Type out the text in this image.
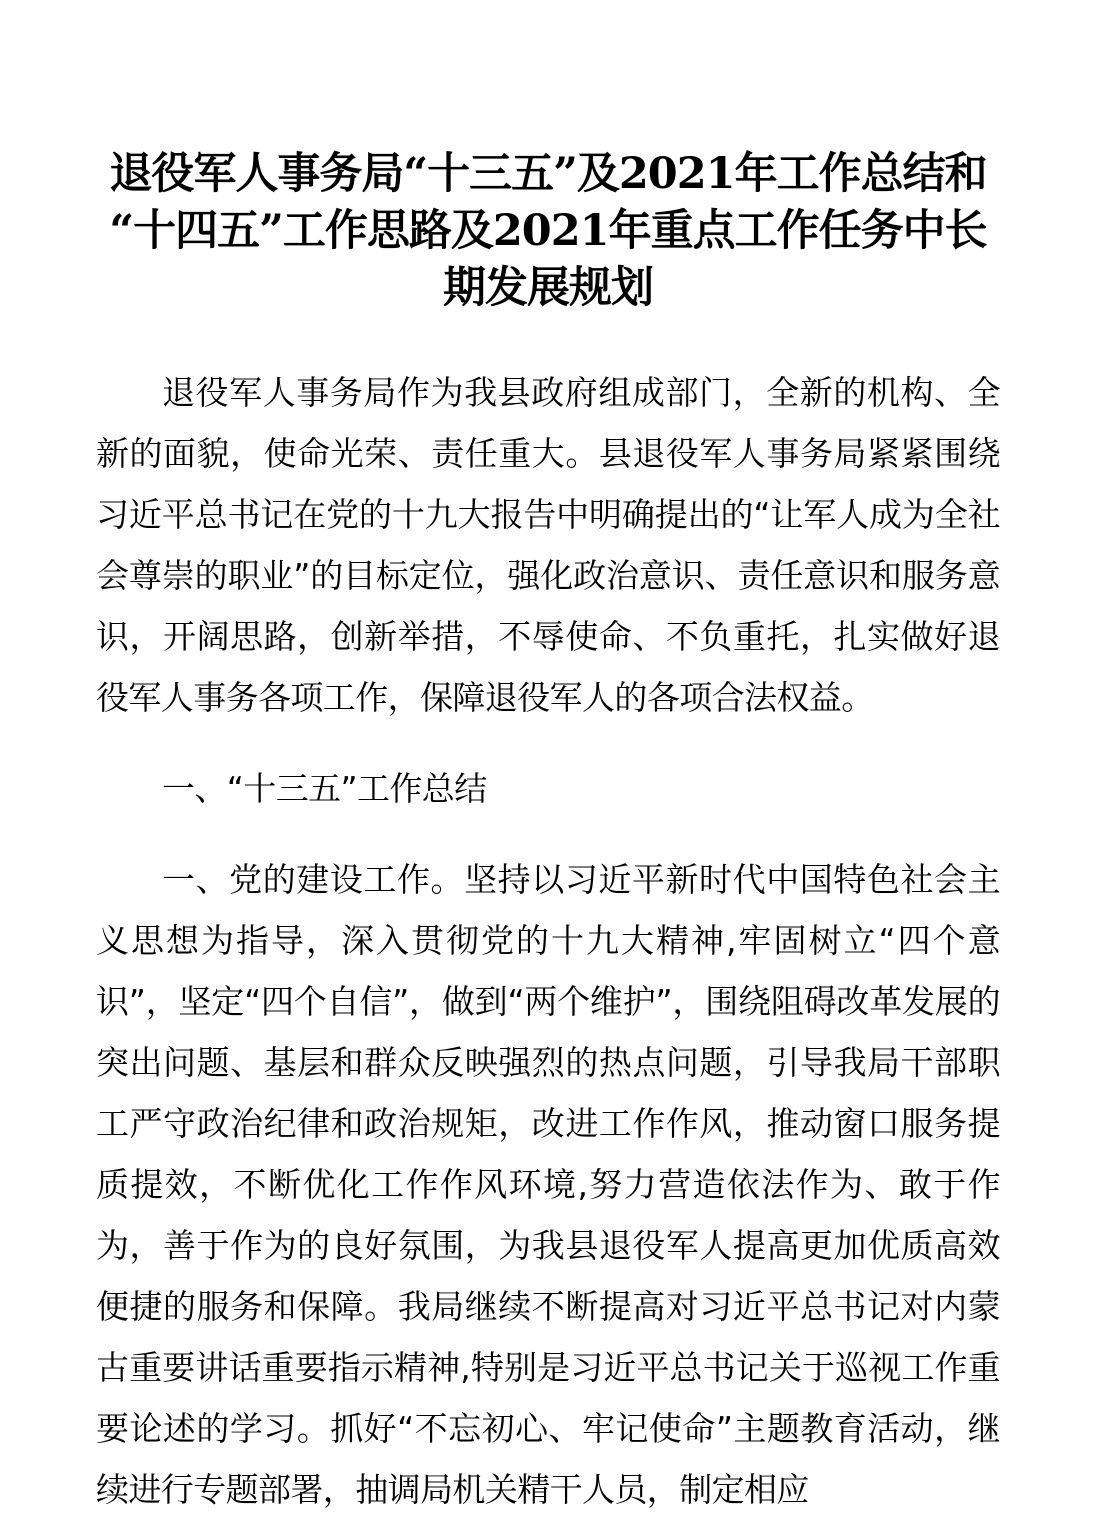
退役军人事务局“十三五”及2021年工作总结和
“十四五”工作思路及2021年重点工作任务中长
期发展规划

退役军人事务局作为我县政府组成部门，全新的机构、全新的面貌，使命光荣、责任重大。县退役军人事务局紧紧围绕习近平总书记在党的十九大报告中明确提出的“让军人成为全社会尊崇的职业”的目标定位，强化政治意识、责任意识和服务意识，开阔思路，创新举措，不辱使命、不负重托，扎实做好退役军人事务各项工作，保障退役军人的各项合法权益。

一、“十三五”工作总结

一、党的建设工作。坚持以习近平新时代中国特色社会主义思想为指导，深入贯彻党的十九大精神,牢固树立“四个意识”，坚定“四个自信”，做到“两个维护”，围绕阻碍改革发展的突出问题、基层和群众反映强烈的热点问题，引导我局干部职工严守政治纪律和政治规矩，改进工作作风，推动窗口服务提质提效，不断优化工作作风环境,努力营造依法作为、敢于作为，善于作为的良好氛围，为我县退役军人提高更加优质高效便捷的服务和保障。我局继续不断提高对习近平总书记对内蒙古重要讲话重要指示精神,特别是习近平总书记关于巡视工作重要论述的学习。抓好“不忘初心、牢记使命”主题教育活动，继续进行专题部署，抽调局机关精干人员，制定相应
